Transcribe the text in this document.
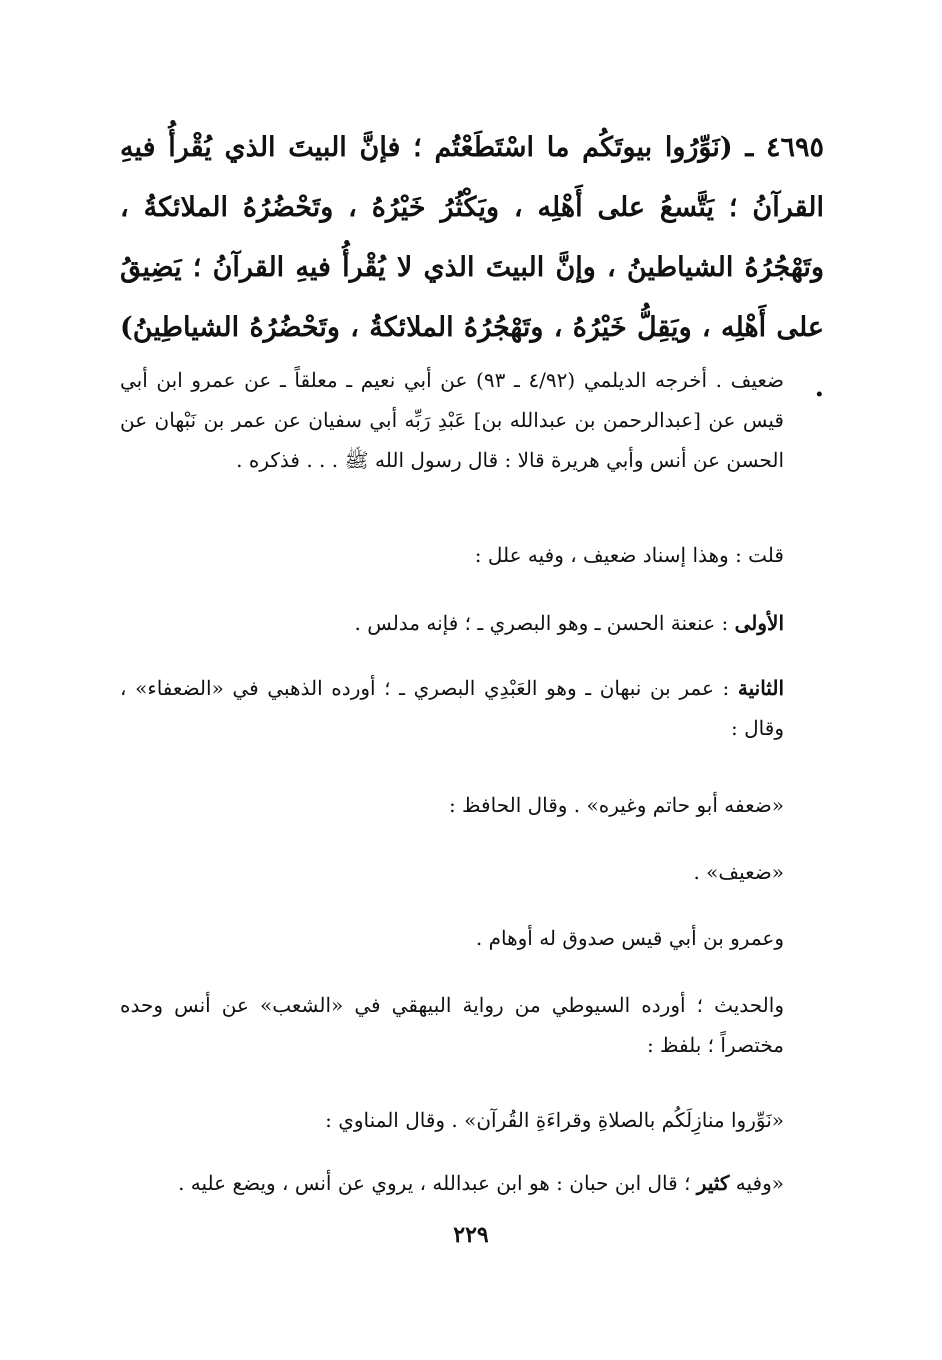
٤٦٩٥ ـ (نَوِّرُوا بيوتَكُم ما اسْتَطَعْتُم ؛ فإنَّ البيتَ الذي يُقْرأُ فيهِ القرآنُ ؛ يَتَّسعُ على أَهْلِه ، ويَكْثُرُ خَيْرُهُ ، وتَحْضُرُهُ الملائكةُ ، وتَهْجُرُهُ الشياطينُ ، وإنَّ البيتَ الذي لا يُقْرأُ فيهِ القرآنُ ؛ يَضِيقُ على أَهْلِه ، ويَقِلُّ خَيْرُهُ ، وتَهْجُرُهُ الملائكةُ ، وتَحْضُرُهُ الشياطِينُ) .
ضعيف . أخرجه الديلمي (٤/٩٢ ـ ٩٣) عن أبي نعيم ـ معلقاً ـ عن عمرو ابن أبي قيس عن [عبدالرحمن بن عبدالله بن] عَبْدِ رَبِّه أبي سفيان عن عمر بن نَبْهان عن الحسن عن أنس وأبي هريرة قالا : قال رسول الله ﷺ . . . فذكره .
قلت : وهذا إسناد ضعيف ، وفيه علل :
الأولى : عنعنة الحسن ـ وهو البصري ـ ؛ فإنه مدلس .
الثانية : عمر بن نبهان ـ وهو العَبْدِي البصري ـ ؛ أورده الذهبي في «الضعفاء» ، وقال :
«ضعفه أبو حاتم وغيره» . وقال الحافظ :
«ضعيف» .
وعمرو بن أبي قيس صدوق له أوهام .
والحديث ؛ أورده السيوطي من رواية البيهقي في «الشعب» عن أنس وحده مختصراً ؛ بلفظ :
«نَوِّروا منازِلَكُم بالصلاةِ وقراءَةِ القُرآن» . وقال المناوي :
«وفيه كثير ؛ قال ابن حبان : هو ابن عبدالله ، يروي عن أنس ، ويضع عليه .
٢٢٩
